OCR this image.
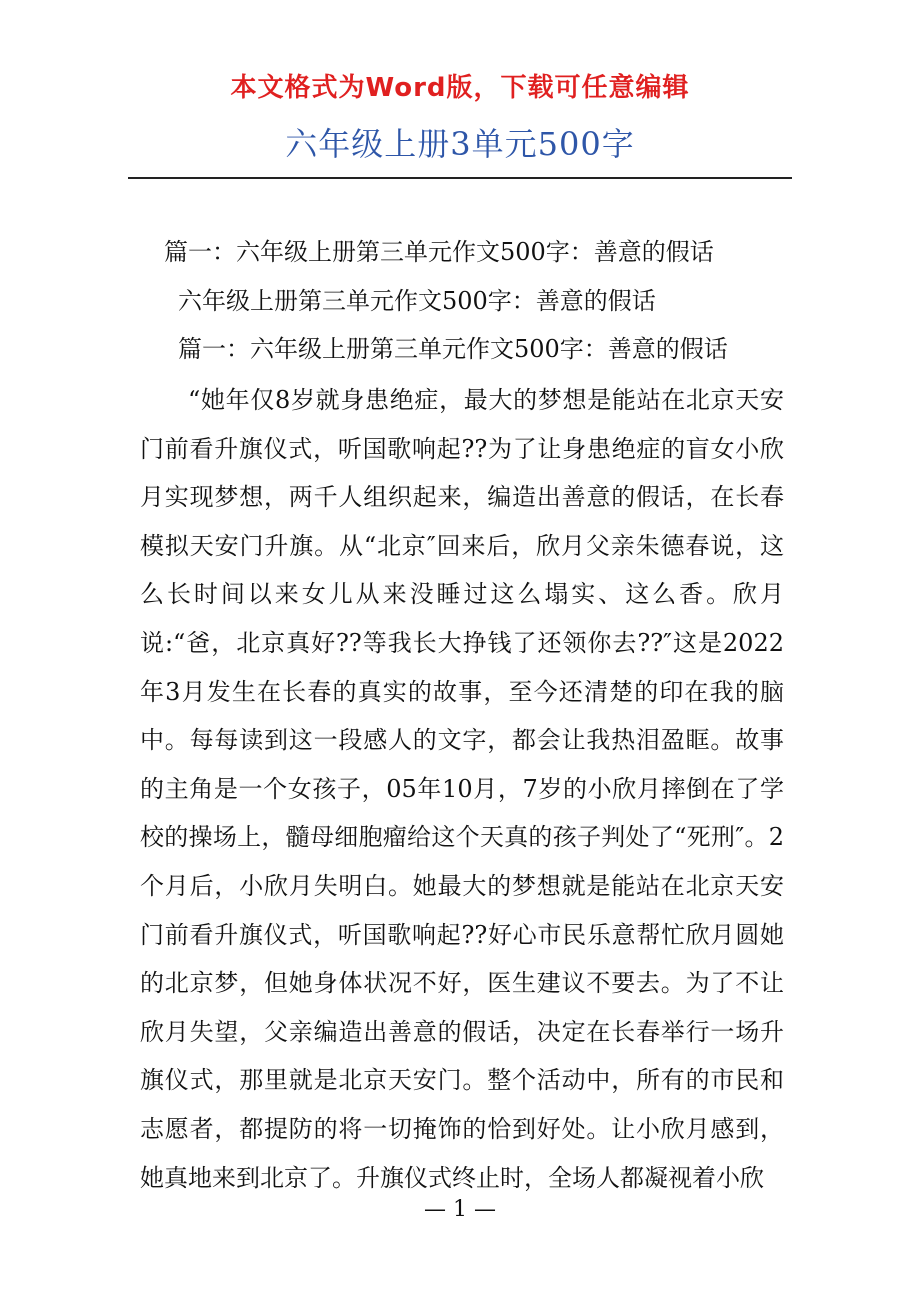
本文格式为Word版，下载可任意编辑
六年级上册3单元500字
篇一：六年级上册第三单元作文500字：善意的假话
六年级上册第三单元作文500字：善意的假话
篇一：六年级上册第三单元作文500字：善意的假话

“她年仅8岁就身患绝症，最大的梦想是能站在北京天安门前看升旗仪式，听国歌响起??为了让身患绝症的盲女小欣月实现梦想，两千人组织起来，编造出善意的假话，在长春模拟天安门升旗。从“北京″回来后，欣月父亲朱德春说，这么长时间以来女儿从来没睡过这么塌实、这么香。欣月说:“爸，北京真好??等我长大挣钱了还领你去??″这是2022年3月发生在长春的真实的故事，至今还清楚的印在我的脑中。每每读到这一段感人的文字，都会让我热泪盈眶。故事的主角是一个女孩子，05年10月，7岁的小欣月摔倒在了学校的操场上，髓母细胞瘤给这个天真的孩子判处了“死刑″。2个月后，小欣月失明白。她最大的梦想就是能站在北京天安门前看升旗仪式，听国歌响起??好心市民乐意帮忙欣月圆她的北京梦，但她身体状况不好，医生建议不要去。为了不让欣月失望，父亲编造出善意的假话，决定在长春举行一场升旗仪式，那里就是北京天安门。整个活动中，所有的市民和志愿者，都提防的将一切掩饰的恰到好处。让小欣月感到，她真地来到北京了。升旗仪式终止时，全场人都凝视着小欣

— 1 —
